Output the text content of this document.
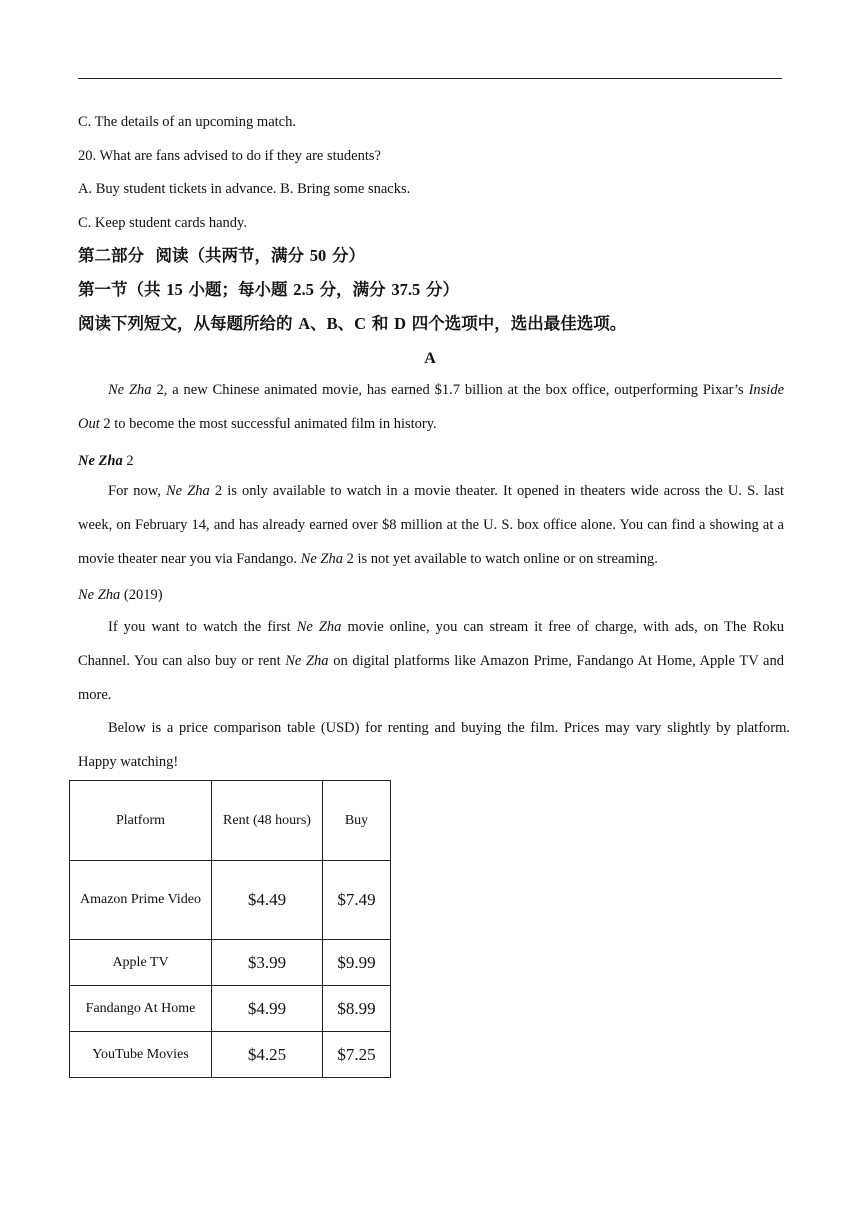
C. The details of an upcoming match.
20. What are fans advised to do if they are students?
A. Buy student tickets in advance. B. Bring some snacks.
C. Keep student cards handy.
第二部分 阅读（共两节，满分 50 分）
第一节（共 15 小题；每小题 2.5 分，满分 37.5 分）
阅读下列短文，从每题所给的 A、B、C 和 D 四个选项中，选出最佳选项。
A
Ne Zha 2, a new Chinese animated movie, has earned $1.7 billion at the box office, outperforming Pixar’s Inside Out 2 to become the most successful animated film in history.
Ne Zha 2
For now, Ne Zha 2 is only available to watch in a movie theater. It opened in theaters wide across the U. S. last week, on February 14, and has already earned over $8 million at the U. S. box office alone. You can find a showing at a movie theater near you via Fandango. Ne Zha 2 is not yet available to watch online or on streaming.
Ne Zha (2019)
If you want to watch the first Ne Zha movie online, you can stream it free of charge, with ads, on The Roku Channel. You can also buy or rent Ne Zha on digital platforms like Amazon Prime, Fandango At Home, Apple TV and more.
Below is a price comparison table (USD) for renting and buying the film. Prices may vary slightly by platform. Happy watching!
Platform	Rent (48 hours)	Buy
Amazon Prime Video	$4.49	$7.49
Apple TV	$3.99	$9.99
Fandango At Home	$4.99	$8.99
YouTube Movies	$4.25	$7.25
